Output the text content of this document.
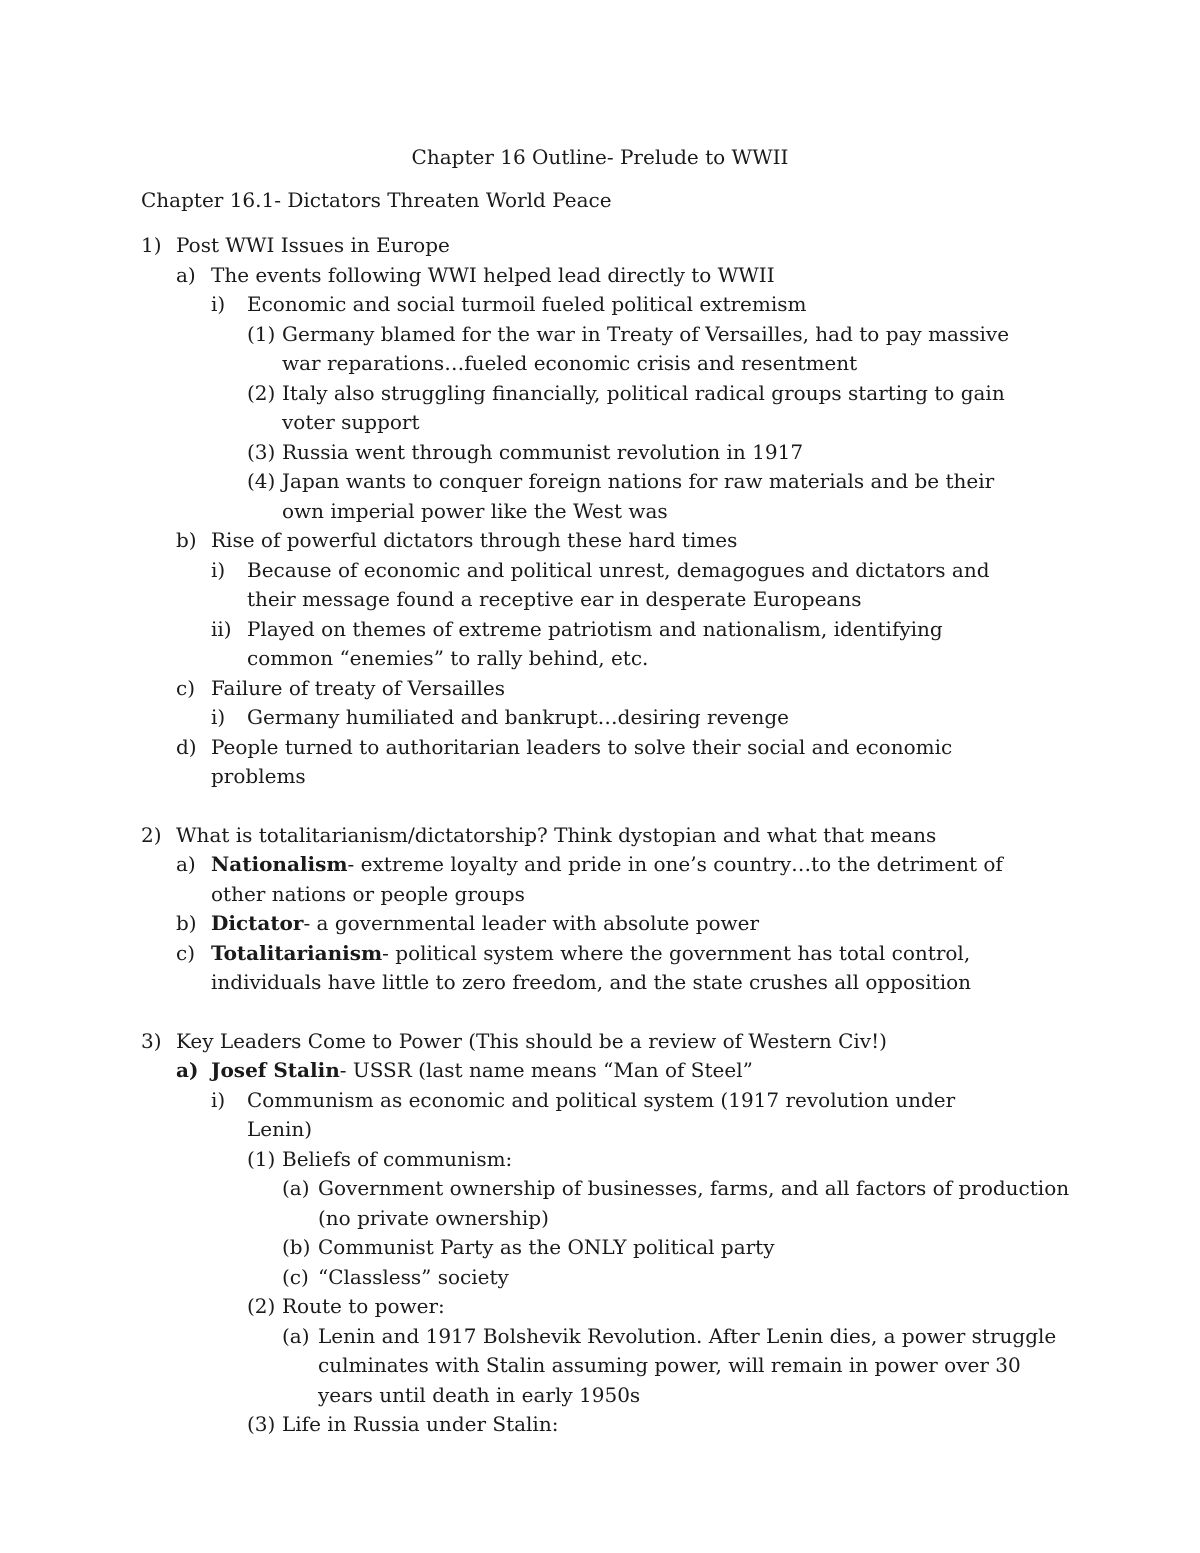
Chapter 16 Outline- Prelude to WWII
Chapter 16.1- Dictators Threaten World Peace
1) Post WWI Issues in Europe
a) The events following WWI helped lead directly to WWII
i) Economic and social turmoil fueled political extremism
(1) Germany blamed for the war in Treaty of Versailles, had to pay massive war reparations…fueled economic crisis and resentment
(2) Italy also struggling financially, political radical groups starting to gain voter support
(3) Russia went through communist revolution in 1917
(4) Japan wants to conquer foreign nations for raw materials and be their own imperial power like the West was
b) Rise of powerful dictators through these hard times
i) Because of economic and political unrest, demagogues and dictators and their message found a receptive ear in desperate Europeans
ii) Played on themes of extreme patriotism and nationalism, identifying common “enemies” to rally behind, etc.
c) Failure of treaty of Versailles
i) Germany humiliated and bankrupt…desiring revenge
d) People turned to authoritarian leaders to solve their social and economic problems
2) What is totalitarianism/dictatorship? Think dystopian and what that means
a) Nationalism- extreme loyalty and pride in one’s country…to the detriment of other nations or people groups
b) Dictator- a governmental leader with absolute power
c) Totalitarianism- political system where the government has total control, individuals have little to zero freedom, and the state crushes all opposition
3) Key Leaders Come to Power (This should be a review of Western Civ!)
a) Josef Stalin- USSR (last name means “Man of Steel”
i) Communism as economic and political system (1917 revolution under Lenin)
(1) Beliefs of communism:
(a) Government ownership of businesses, farms, and all factors of production (no private ownership)
(b) Communist Party as the ONLY political party
(c) “Classless” society
(2) Route to power:
(a) Lenin and 1917 Bolshevik Revolution. After Lenin dies, a power struggle culminates with Stalin assuming power, will remain in power over 30 years until death in early 1950s
(3) Life in Russia under Stalin:
